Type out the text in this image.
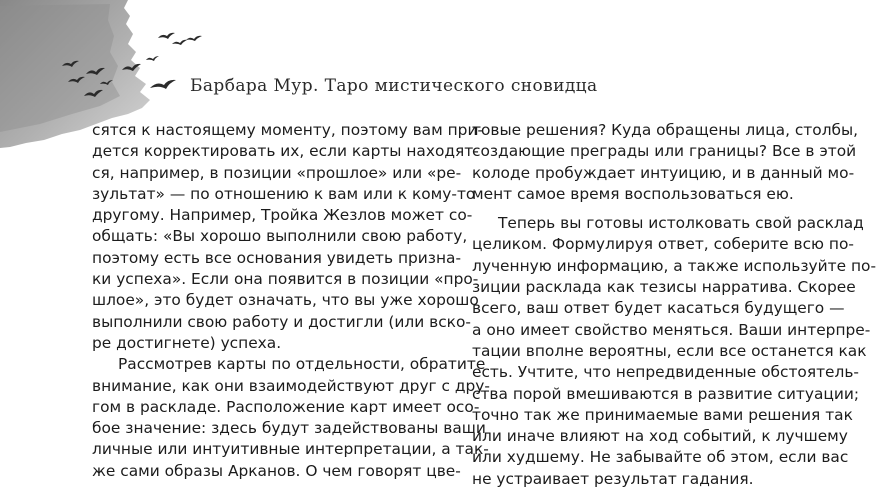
Барбара Мур. Таро мистического сновидца

сятся к настоящему моменту, поэтому вам при-
дется корректировать их, если карты находят-
ся, например, в позиции «прошлое» или «ре-
зультат» — по отношению к вам или к кому-то
другому. Например, Тройка Жезлов может со-
общать: «Вы хорошо выполнили свою работу,
поэтому есть все основания увидеть призна-
ки успеха». Если она появится в позиции «про-
шлое», это будет означать, что вы уже хорошо
выполнили свою работу и достигли (или вско-
ре достигнете) успеха.

Рассмотрев карты по отдельности, обратите
внимание, как они взаимодействуют друг с дру-
гом в раскладе. Расположение карт имеет осо-
бое значение: здесь будут задействованы ваши
личные или интуитивные интерпретации, а так-
же сами образы Арканов. О чем говорят цве-

товые решения? Куда обращены лица, столбы,
создающие преграды или границы? Все в этой
колоде пробуждает интуицию, и в данный мо-
мент самое время воспользоваться ею.

Теперь вы готовы истолковать свой расклад
целиком. Формулируя ответ, соберите всю по-
лученную информацию, а также используйте по-
зиции расклада как тезисы нарратива. Скорее
всего, ваш ответ будет касаться будущего —
а оно имеет свойство меняться. Ваши интерпре-
тации вполне вероятны, если все останется как
есть. Учтите, что непредвиденные обстоятель-
ства порой вмешиваются в развитие ситуации;
точно так же принимаемые вами решения так
или иначе влияют на ход событий, к лучшему
или худшему. Не забывайте об этом, если вас
не устраивает результат гадания.
